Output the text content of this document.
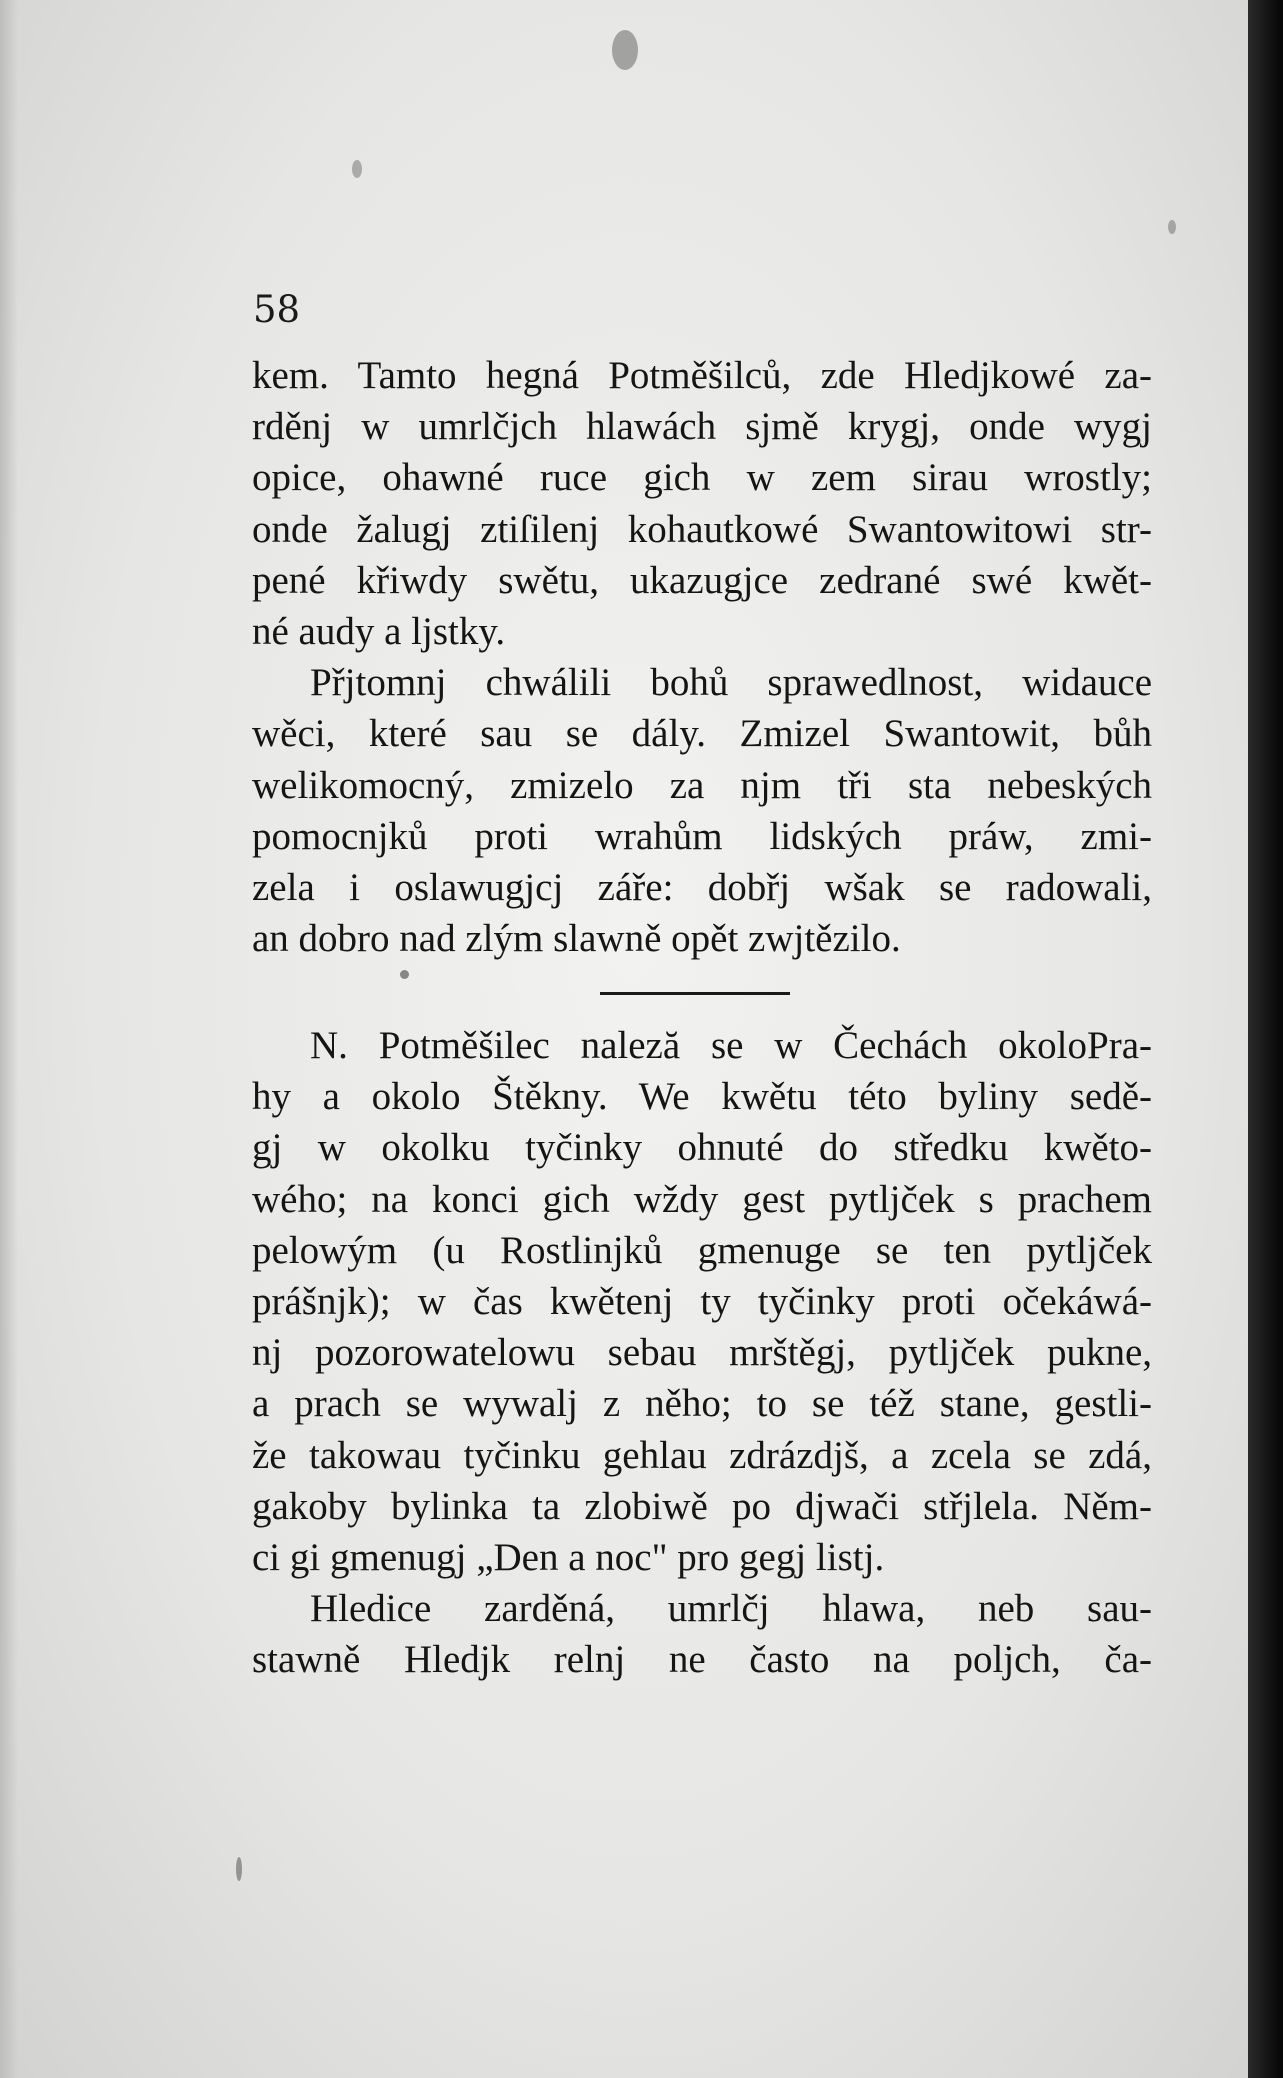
58
kem. Tamto hegná Potměšilců, zde Hledjkowé za-
rděnj w umrlčjch hlawách sjmě krygj, onde wygj
opice, ohawné ruce gich w zem sirau wrostly;
onde žalugj ztiſilenj kohautkowé Swantowitowi str-
pené křiwdy swětu, ukazugjce zedrané swé kwět-
né audy a ljstky.
Přjtomnj chwálili bohů sprawedlnost, widauce
wěci, které sau se dály. Zmizel Swantowit, bůh
welikomocný, zmizelo za njm tři sta nebeských
pomocnjků proti wrahům lidských práw, zmi-
zela i oslawugjcj záře: dobřj wšak se radowali,
an dobro nad zlým slawně opět zwjtězilo.
N. Potměšilec naleză se w Čechách okoloPra-
hy a okolo Štěkny. We kwětu této byliny sedě-
gj w okolku tyčinky ohnuté do středku kwěto-
wého; na konci gich wždy gest pytljček s prachem
pelowým (u Rostlinjků gmenuge se ten pytljček
prášnjk); w čas kwětenj ty tyčinky proti očekáwá-
nj pozorowatelowu sebau mrštěgj, pytljček pukne,
a prach se wywalj z něho; to se též stane, gestli-
že takowau tyčinku gehlau zdrázdjš, a zcela se zdá,
gakoby bylinka ta zlobiwě po djwači střjlela. Něm-
ci gi gmenugj „Den a noc" pro gegj listj.
Hledice zarděná, umrlčj hlawa, neb sau-
stawně Hledjk relnj ne často na poljch, ča-
